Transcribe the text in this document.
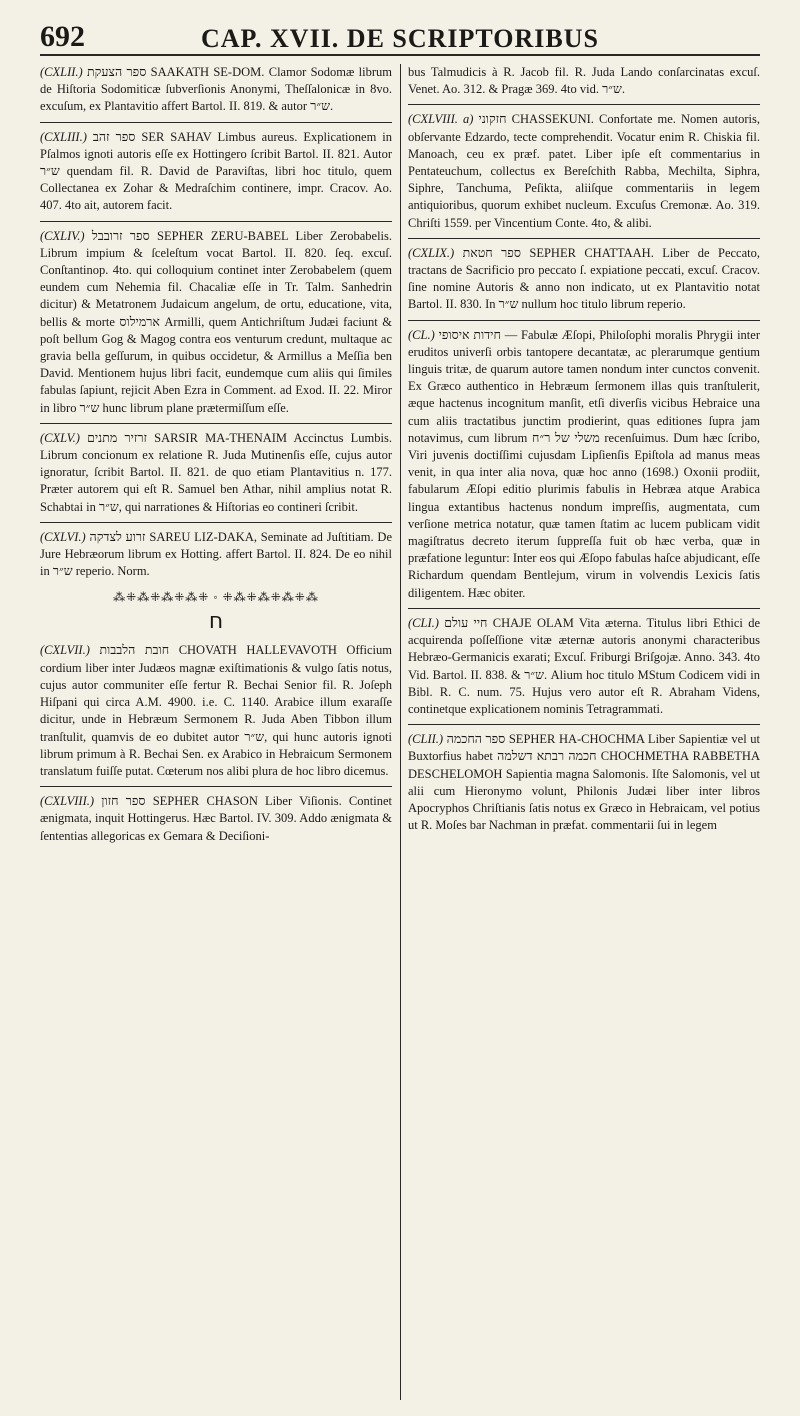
692	CAP. XVII. DE SCRIPTORIBUS

(CXLII.) ספר הצעקת SAAKATH SE-DOM. Clamor Sodomæ librum de Hiſtoria Sodomiticæ ſubverſionis Anonymi, Theſſalonicæ in 8vo. excuſum, ex Plantavitio affert Bartol. II. 819. & autor ש״ר.

(CXLIII.) ספר זהב SER SAHAV Limbus aureus. Explicationem in Pſalmos ignoti autoris eſſe ex Hottingero ſcribit Bartol. II. 821. Autor ש״ר quendam fil. R. David de Paraviſtas, libri hoc titulo, quem Collectanea ex Zohar & Medraſchim continere, impr. Cracov. Ao. 407. 4to ait, autorem facit.

(CXLIV.) ספר זרובבל SEPHER ZERU-BABEL Liber Zerobabelis. Librum impium & ſceleſtum vocat Bartol. II. 820. ſeq. excuſ. Conſtantinop. 4to. qui colloquium continet inter Zerobabelem (quem eundem cum Nehemia fil. Chacaliæ eſſe in Tr. Talm. Sanhedrin dicitur) & Metatronem Judaicum angelum, de ortu, educatione, vita, bellis & morte ארמילוס Armilli, quem Antichriſtum Judæi faciunt & poſt bellum Gog & Magog contra eos venturum credunt, multaque ac gravia bella geſſurum, in quibus occidetur, & Armillus a Meſſia ben David. Mentionem hujus libri facit, eundemque cum aliis qui ſimiles fabulas ſapiunt, rejicit Aben Ezra in Comment. ad Exod. II. 22. Miror in libro ש״ר hunc librum plane prætermiſſum eſſe.

(CXLV.) זרזיר מתנים SARSIR MA-THENAIM Accinctus Lumbis. Librum concionum ex relatione R. Juda Mutinenſis eſſe, cujus autor ignoratur, ſcribit Bartol. II. 821. de quo etiam Plantavitius n. 177. Præter autorem qui eſt R. Samuel ben Athar, nihil amplius notat R. Schabtai in ש״ר, qui narrationes & Hiſtorias eo contineri ſcribit.

(CXLVI.) זרוע לצדקה SAREU LIZ-DAKA, Seminate ad Juſtitiam. De Jure Hebræorum librum ex Hotting. affert Bartol. II. 824. De eo nihil in ש״ר reperio. Norm.

⁂⁜⁂⁜⁂⁜⁂⁜ ◦ ⁜⁂⁜⁂⁜⁂⁜⁂
ח

(CXLVII.) חובת הלבבות CHOVATH HALLEVAVOTH Officium cordium liber inter Judæos magnæ exiſtimationis & vulgo ſatis notus, cujus autor communiter eſſe fertur R. Bechai Senior fil. R. Joſeph Hiſpani qui circa A.M. 4900. i.e. C. 1140. Arabice illum exaraſſe dicitur, unde in Hebræum Sermonem R. Juda Aben Tibbon illum tranſtulit, quamvis de eo dubitet autor ש״ר, qui hunc autoris ignoti librum primum à R. Bechai Sen. ex Arabico in Hebraicum Sermonem translatum fuiſſe putat. Cœterum nos alibi plura de hoc libro dicemus.

(CXLVIII.) ספר חזון SEPHER CHASON Liber Viſionis. Continet ænigmata, inquit Hottingerus. Hæc Bartol. IV. 309. Addo ænigmata & ſententias allegoricas ex Gemara & Deciſioni-

bus Talmudicis à R. Jacob fil. R. Juda Lando conſarcinatas excuſ. Venet. Ao. 312. & Pragæ 369. 4to vid. ש״ר.

(CXLVIII. a) חזקוני CHASSEKUNI. Confortate me. Nomen autoris, obſervante Edzardo, tecte comprehendit. Vocatur enim R. Chiskia fil. Manoach, ceu ex præf. patet. Liber ipſe eſt commentarius in Pentateuchum, collectus ex Bereſchith Rabba, Mechilta, Siphra, Siphre, Tanchuma, Peſikta, aliiſque commentariis in legem antiquioribus, quorum exhibet nucleum. Excuſus Cremonæ. Ao. 319. Chriſti 1559. per Vincentium Conte. 4to, & alibi.

(CXLIX.) ספר חטאת SEPHER CHATTAAH. Liber de Peccato, tractans de Sacrificio pro peccato ſ. expiatione peccati, excuſ. Cracov. ſine nomine Autoris & anno non indicato, ut ex Plantavitio notat Bartol. II. 830. In ש״ר nullum hoc titulo librum reperio.

(CL.) חידות איסופי — Fabulæ Æſopi, Philoſophi moralis Phrygii inter eruditos univerſi orbis tantopere decantatæ, ac plerarumque gentium linguis tritæ, de quarum autore tamen nondum inter cunctos convenit. Ex Græco authentico in Hebræum ſermonem illas quis tranſtulerit, æque hactenus incognitum manſit, etſi diverſis vicibus Hebraice una cum aliis tractatibus junctim prodierint, quas editiones ſupra jam notavimus, cum librum משלי של ר״ח recenſuimus. Dum hæc ſcribo, Viri juvenis doctiſſimi cujusdam Lipſienſis Epiſtola ad manus meas venit, in qua inter alia nova, quæ hoc anno (1698.) Oxonii prodiit, fabularum Æſopi editio plurimis fabulis in Hebræa atque Arabica lingua extantibus hactenus nondum impreſſis, augmentata, cum verſione metrica notatur, quæ tamen ſtatim ac lucem publicam vidit magiſtratus decreto iterum ſuppreſſa fuit ob hæc verba, quæ in præfatione leguntur: Inter eos qui Æſopo fabulas haſce abjudicant, eſſe Richardum quendam Bentlejum, virum in volvendis Lexicis ſatis diligentem. Hæc obiter.

(CLI.) חיי עולם CHAJE OLAM Vita æterna. Titulus libri Ethici de acquirenda poſſeſſione vitæ æternæ autoris anonymi characteribus Hebræo-Germanicis exarati; Excuſ. Friburgi Briſgojæ. Anno. 343. 4to Vid. Bartol. II. 838. & ש״ר. Alium hoc titulo MStum Codicem vidi in Bibl. R. C. num. 75. Hujus vero autor eſt R. Abraham Videns, continetque explicationem nominis Tetragrammati.

(CLII.) ספר החכמה SEPHER HA-CHOCHMA Liber Sapientiæ vel ut Buxtorfius habet חכמה רבתא דשלמה CHOCHMETHA RABBETHA DESCHELOMOH Sapientia magna Salomonis. Iſte Salomonis, vel ut alii cum Hieronymo volunt, Philonis Judæi liber inter libros Apocryphos Chriſtianis ſatis notus ex Græco in Hebraicam, vel potius ut R. Moſes bar Nachman in præfat. commentarii ſui in legem
